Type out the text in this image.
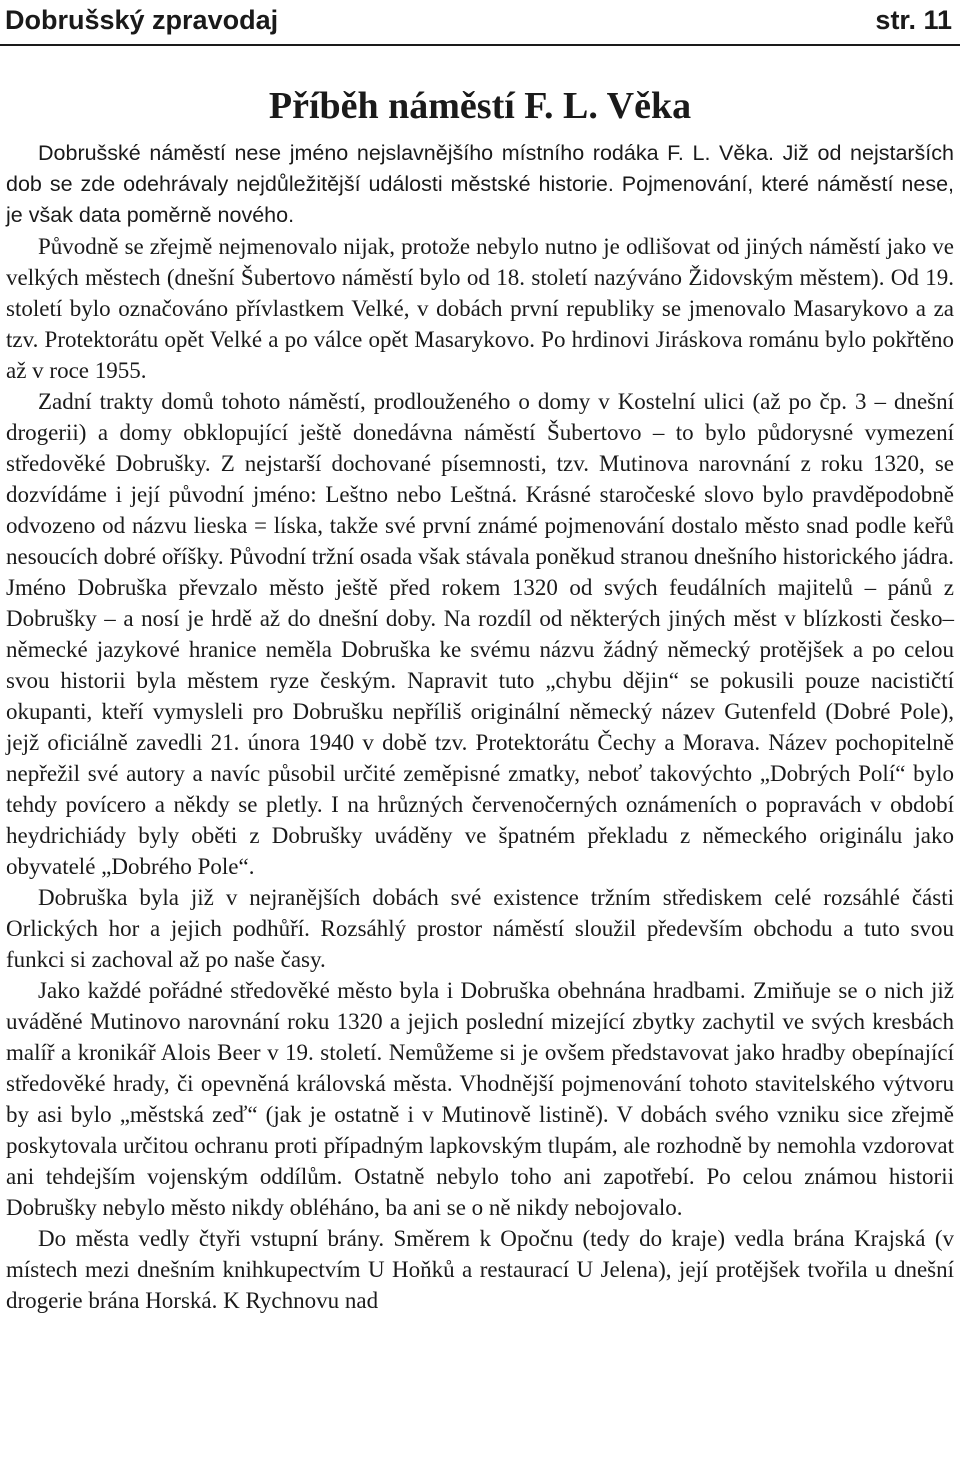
Dobrušský zpravodaj	str. 11
Příběh náměstí F. L. Věka

Dobrušské náměstí nese jméno nejslavnějšího místního rodáka F. L. Věka. Již od nejstarších dob se zde odehrávaly nejdůležitější události městské historie. Pojmenování, které náměstí nese, je však data poměrně nového.

Původně se zřejmě nejmenovalo nijak, protože nebylo nutno je odlišovat od jiných náměstí jako ve velkých městech (dnešní Šubertovo náměstí bylo od 18. století nazýváno Židovským městem). Od 19. století bylo označováno přívlastkem Velké, v dobách první republiky se jmenovalo Masarykovo a za tzv. Protektorátu opět Velké a po válce opět Masarykovo. Po hrdinovi Jiráskova románu bylo pokřtěno až v roce 1955.

Zadní trakty domů tohoto náměstí, prodlouženého o domy v Kostelní ulici (až po čp. 3 – dnešní drogerii) a domy obklopující ještě donedávna náměstí Šubertovo – to bylo půdorysné vymezení středověké Dobrušky. Z nejstarší dochované písemnosti, tzv. Mutinova narovnání z roku 1320, se dozvídáme i její původní jméno: Leštno nebo Leštná. Krásné staročeské slovo bylo pravděpodobně odvozeno od názvu lieska = líska, takže své první známé pojmenování dostalo město snad podle keřů nesoucích dobré oříšky. Původní tržní osada však stávala poněkud stranou dnešního historického jádra. Jméno Dobruška převzalo město ještě před rokem 1320 od svých feudálních majitelů – pánů z Dobrušky – a nosí je hrdě až do dnešní doby. Na rozdíl od některých jiných měst v blízkosti česko–německé jazykové hranice neměla Dobruška ke svému názvu žádný německý protějšek a po celou svou historii byla městem ryze českým. Napravit tuto „chybu dějin“ se pokusili pouze nacističtí okupanti, kteří vymysleli pro Dobrušku nepříliš originální německý název Gutenfeld (Dobré Pole), jejž oficiálně zavedli 21. února 1940 v době tzv. Protektorátu Čechy a Morava. Název pochopitelně nepřežil své autory a navíc působil určité zeměpisné zmatky, neboť takovýchto „Dobrých Polí“ bylo tehdy povícero a někdy se pletly. I na hrůzných červenočerných oznámeních o popravách v období heydrichiády byly oběti z Dobrušky uváděny ve špatném překladu z německého originálu jako obyvatelé „Dobrého Pole“.

Dobruška byla již v nejranějších dobách své existence tržním střediskem celé rozsáhlé části Orlických hor a jejich podhůří. Rozsáhlý prostor náměstí sloužil především obchodu a tuto svou funkci si zachoval až po naše časy.

Jako každé pořádné středověké město byla i Dobruška obehnána hradbami. Zmiňuje se o nich již uváděné Mutinovo narovnání roku 1320 a jejich poslední mizející zbytky zachytil ve svých kresbách malíř a kronikář Alois Beer v 19. století. Nemůžeme si je ovšem představovat jako hradby obepínající středověké hrady, či opevněná královská města. Vhodnější pojmenování tohoto stavitelského výtvoru by asi bylo „městská zeď“ (jak je ostatně i v Mutinově listině). V dobách svého vzniku sice zřejmě poskytovala určitou ochranu proti případným lapkovským tlupám, ale rozhodně by nemohla vzdorovat ani tehdejším vojenským oddílům. Ostatně nebylo toho ani zapotřebí. Po celou známou historii Dobrušky nebylo město nikdy obléháno, ba ani se o ně nikdy nebojovalo.

Do města vedly čtyři vstupní brány. Směrem k Opočnu (tedy do kraje) vedla brána Krajská (v místech mezi dnešním knihkupectvím U Hoňků a restaurací U Jelena), její protějšek tvořila u dnešní drogerie brána Horská. K Rychnovu nad
